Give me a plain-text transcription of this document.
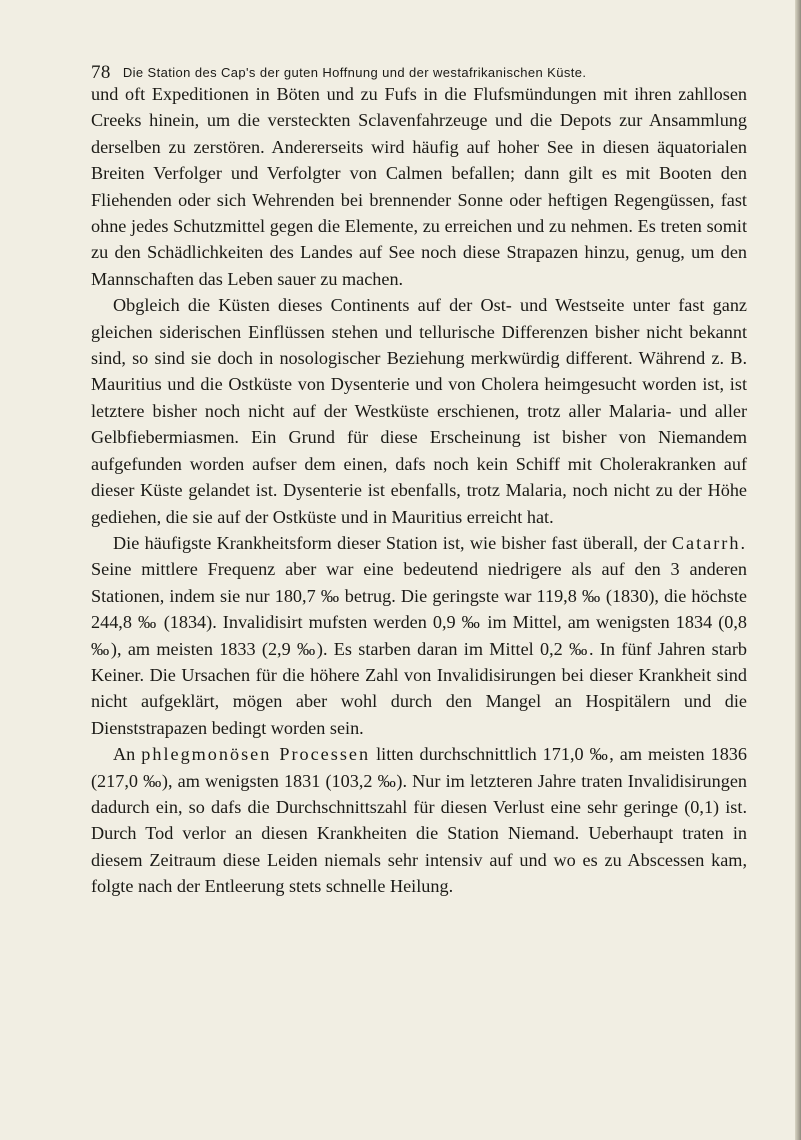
78 Die Station des Cap's der guten Hoffnung und der westafrikanischen Küste.

und oft Expeditionen in Böten und zu Fufs in die Flufsmündungen mit ihren zahllosen Creeks hinein, um die versteckten Sclavenfahrzeuge und die Depots zur Ansammlung derselben zu zerstören. Andererseits wird häufig auf hoher See in diesen äquatorialen Breiten Verfolger und Verfolgter von Calmen befallen; dann gilt es mit Booten den Fliehenden oder sich Wehrenden bei brennender Sonne oder heftigen Regengüssen, fast ohne jedes Schutzmittel gegen die Elemente, zu erreichen und zu nehmen. Es treten somit zu den Schädlichkeiten des Landes auf See noch diese Strapazen hinzu, genug, um den Mannschaften das Leben sauer zu machen.

Obgleich die Küsten dieses Continents auf der Ost- und Westseite unter fast ganz gleichen siderischen Einflüssen stehen und tellurische Differenzen bisher nicht bekannt sind, so sind sie doch in nosologischer Beziehung merkwürdig different. Während z. B. Mauritius und die Ostküste von Dysenterie und von Cholera heimgesucht worden ist, ist letztere bisher noch nicht auf der Westküste erschienen, trotz aller Malaria- und aller Gelbfiebermiasmen. Ein Grund für diese Erscheinung ist bisher von Niemandem aufgefunden worden aufser dem einen, dafs noch kein Schiff mit Cholerakranken auf dieser Küste gelandet ist. Dysenterie ist ebenfalls, trotz Malaria, noch nicht zu der Höhe gediehen, die sie auf der Ostküste und in Mauritius erreicht hat.

Die häufigste Krankheitsform dieser Station ist, wie bisher fast überall, der Catarrh. Seine mittlere Frequenz aber war eine bedeutend niedrigere als auf den 3 anderen Stationen, indem sie nur 180,7 ‰ betrug. Die geringste war 119,8 ‰ (1830), die höchste 244,8 ‰ (1834). Invalidisirt mufsten werden 0,9 ‰ im Mittel, am wenigsten 1834 (0,8 ‰), am meisten 1833 (2,9 ‰). Es starben daran im Mittel 0,2 ‰. In fünf Jahren starb Keiner. Die Ursachen für die höhere Zahl von Invalidisirungen bei dieser Krankheit sind nicht aufgeklärt, mögen aber wohl durch den Mangel an Hospitälern und die Dienststrapazen bedingt worden sein.

An phlegmonösen Processen litten durchschnittlich 171,0 ‰, am meisten 1836 (217,0 ‰), am wenigsten 1831 (103,2 ‰). Nur im letzteren Jahre traten Invalidisirungen dadurch ein, so dafs die Durchschnittszahl für diesen Verlust eine sehr geringe (0,1) ist. Durch Tod verlor an diesen Krankheiten die Station Niemand. Ueberhaupt traten in diesem Zeitraum diese Leiden niemals sehr intensiv auf und wo es zu Abscessen kam, folgte nach der Entleerung stets schnelle Heilung.
